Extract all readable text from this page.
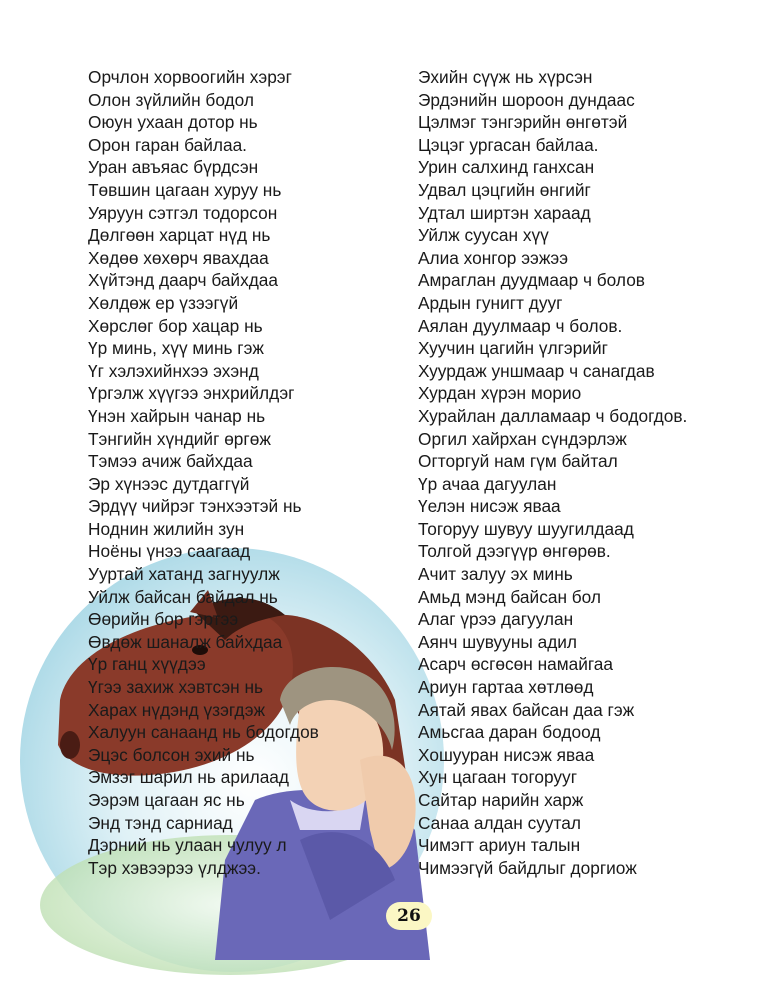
Орчлон хорвоогийн хэрэг
Олон зүйлийн бодол
Оюун ухаан дотор нь
Орон гаран байлаа.
Уран авъяас бүрдсэн
Төвшин цагаан хуруу нь
Уяруун сэтгэл тодорсон
Дөлгөөн харцат нүд нь
Хөдөө хөхөрч явахдаа
Хүйтэнд даарч байхдаа
Хөлдөж ер үзээгүй
Хөрслөг бор хацар нь
Үр минь, хүү минь гэж
Үг хэлэхийнхээ эхэнд
Үргэлж хүүгээ энхрийлдэг
Үнэн хайрын чанар нь
Тэнгийн хүндийг өргөж
Тэмээ ачиж байхдаа
Эр хүнээс дутдаггүй
Эрдүү чийрэг тэнхээтэй нь
Ноднин жилийн зун
Ноёны үнээ саагаад
Ууртай хатанд загнуулж
Уйлж байсан байдал нь
Өөрийн бор гэртээ
Өвдөж шаналж байхдаа
Үр ганц хүүдээ
Үгээ захиж хэвтсэн нь
Харах нүдэнд үзэгдэж
Халуун санаанд нь бодогдов
Эцэс болсон эхий нь
Эмзэг шарил нь арилаад
Ээрэм цагаан яс нь
Энд тэнд сарниад
Дэрний нь улаан чулуу л
Тэр хэвээрээ үлджээ.
Эхийн сүүж нь хүрсэн
Эрдэнийн шороон дундаас
Цэлмэг тэнгэрийн өнгөтэй
Цэцэг ургасан байлаа.
Урин салхинд ганхсан
Удвал цэцгийн өнгийг
Удтал ширтэн хараад
Уйлж суусан хүү
Алиа хонгор ээжээ
Амраглан дуудмаар ч болов
Ардын гунигт дууг
Аялан дуулмаар ч болов.
Хуучин цагийн үлгэрийг
Хуурдаж уншмаар ч санагдав
Хурдан хүрэн морио
Хурайлан далламаар ч бодогдов.
Оргил хайрхан сүндэрлэж
Огторгуй нам гүм байтал
Үр ачаа дагуулан
Үелэн нисэж яваа
Тогоруу шувуу шуугилдаад
Толгой дээгүүр өнгөрөв.
Ачит залуу эх минь
Амьд мэнд байсан бол
Алаг үрээ дагуулан
Аянч шувууны адил
Асарч өсгөсөн намайгаа
Ариун гартаа хөтлөөд
Аятай явах байсан даа гэж
Амьсгаа даран бодоод
Хошууран нисэж яваа
Хун цагаан тогорууг
Сайтар нарийн харж
Санаа алдан суутал
Чимэгт ариун талын
Чимээгүй байдлыг доргиож
26
